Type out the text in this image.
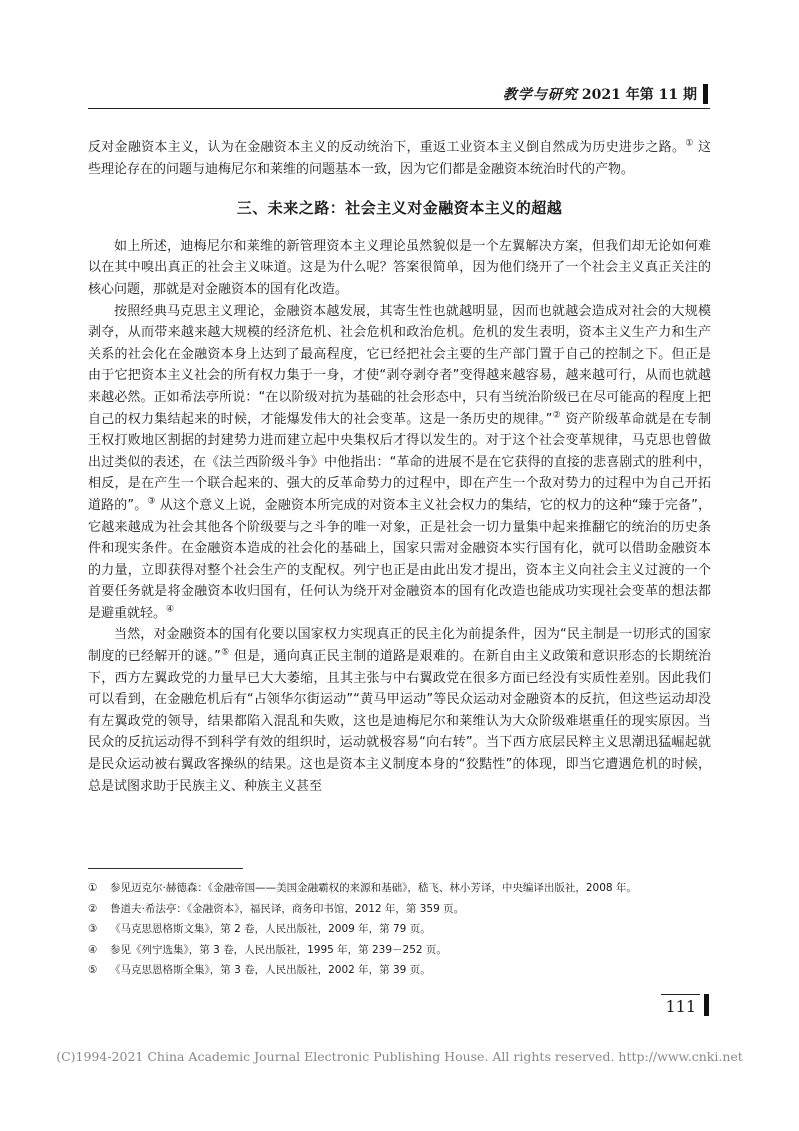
教学与研究 2021 年第 11 期

反对金融资本主义，认为在金融资本主义的反动统治下，重返工业资本主义倒自然成为历史进步之路。① 这些理论存在的问题与迪梅尼尔和莱维的问题基本一致，因为它们都是金融资本统治时代的产物。

三、未来之路：社会主义对金融资本主义的超越

如上所述，迪梅尼尔和莱维的新管理资本主义理论虽然貌似是一个左翼解决方案，但我们却无论如何难以在其中嗅出真正的社会主义味道。这是为什么呢？答案很简单，因为他们绕开了一个社会主义真正关注的核心问题，那就是对金融资本的国有化改造。

按照经典马克思主义理论，金融资本越发展，其寄生性也就越明显，因而也就越会造成对社会的大规模剥夺，从而带来越来越大规模的经济危机、社会危机和政治危机。危机的发生表明，资本主义生产力和生产关系的社会化在金融资本身上达到了最高程度，它已经把社会主要的生产部门置于自己的控制之下。但正是由于它把资本主义社会的所有权力集于一身，才使“剥夺剥夺者”变得越来越容易，越来越可行，从而也就越来越必然。正如希法亭所说：“在以阶级对抗为基础的社会形态中，只有当统治阶级已在尽可能高的程度上把自己的权力集结起来的时候，才能爆发伟大的社会变革。这是一条历史的规律。”② 资产阶级革命就是在专制王权打败地区割据的封建势力进而建立起中央集权后才得以发生的。对于这个社会变革规律，马克思也曾做出过类似的表述，在《法兰西阶级斗争》中他指出：“革命的进展不是在它获得的直接的悲喜剧式的胜利中，相反，是在产生一个联合起来的、强大的反革命势力的过程中，即在产生一个敌对势力的过程中为自己开拓道路的”。③ 从这个意义上说，金融资本所完成的对资本主义社会权力的集结，它的权力的这种“臻于完备”，它越来越成为社会其他各个阶级要与之斗争的唯一对象，正是社会一切力量集中起来推翻它的统治的历史条件和现实条件。在金融资本造成的社会化的基础上，国家只需对金融资本实行国有化，就可以借助金融资本的力量，立即获得对整个社会生产的支配权。列宁也正是由此出发才提出，资本主义向社会主义过渡的一个首要任务就是将金融资本收归国有，任何认为绕开对金融资本的国有化改造也能成功实现社会变革的想法都是避重就轻。④

当然，对金融资本的国有化要以国家权力实现真正的民主化为前提条件，因为“民主制是一切形式的国家制度的已经解开的谜。”⑤ 但是，通向真正民主制的道路是艰难的。在新自由主义政策和意识形态的长期统治下，西方左翼政党的力量早已大大萎缩，且其主张与中右翼政党在很多方面已经没有实质性差别。因此我们可以看到，在金融危机后有“占领华尔街运动”“黄马甲运动”等民众运动对金融资本的反抗，但这些运动却没有左翼政党的领导，结果都陷入混乱和失败，这也是迪梅尼尔和莱维认为大众阶级难堪重任的现实原因。当民众的反抗运动得不到科学有效的组织时，运动就极容易“向右转”。当下西方底层民粹主义思潮迅猛崛起就是民众运动被右翼政客操纵的结果。这也是资本主义制度本身的“狡黠性”的体现，即当它遭遇危机的时候，总是试图求助于民族主义、种族主义甚至

① 参见迈克尔·赫德森：《金融帝国——美国金融霸权的来源和基础》，嵇飞、林小芳译，中央编译出版社，2008 年。

② 鲁道夫·希法亭：《金融资本》，福民译，商务印书馆，2012 年，第 359 页。

③ 《马克思恩格斯文集》，第 2 卷，人民出版社，2009 年，第 79 页。

④ 参见《列宁选集》，第 3 卷，人民出版社，1995 年，第 239－252 页。

⑤ 《马克思恩格斯全集》，第 3 卷，人民出版社，2002 年，第 39 页。

111
(C)1994-2021 China Academic Journal Electronic Publishing House. All rights reserved. http://www.cnki.net
